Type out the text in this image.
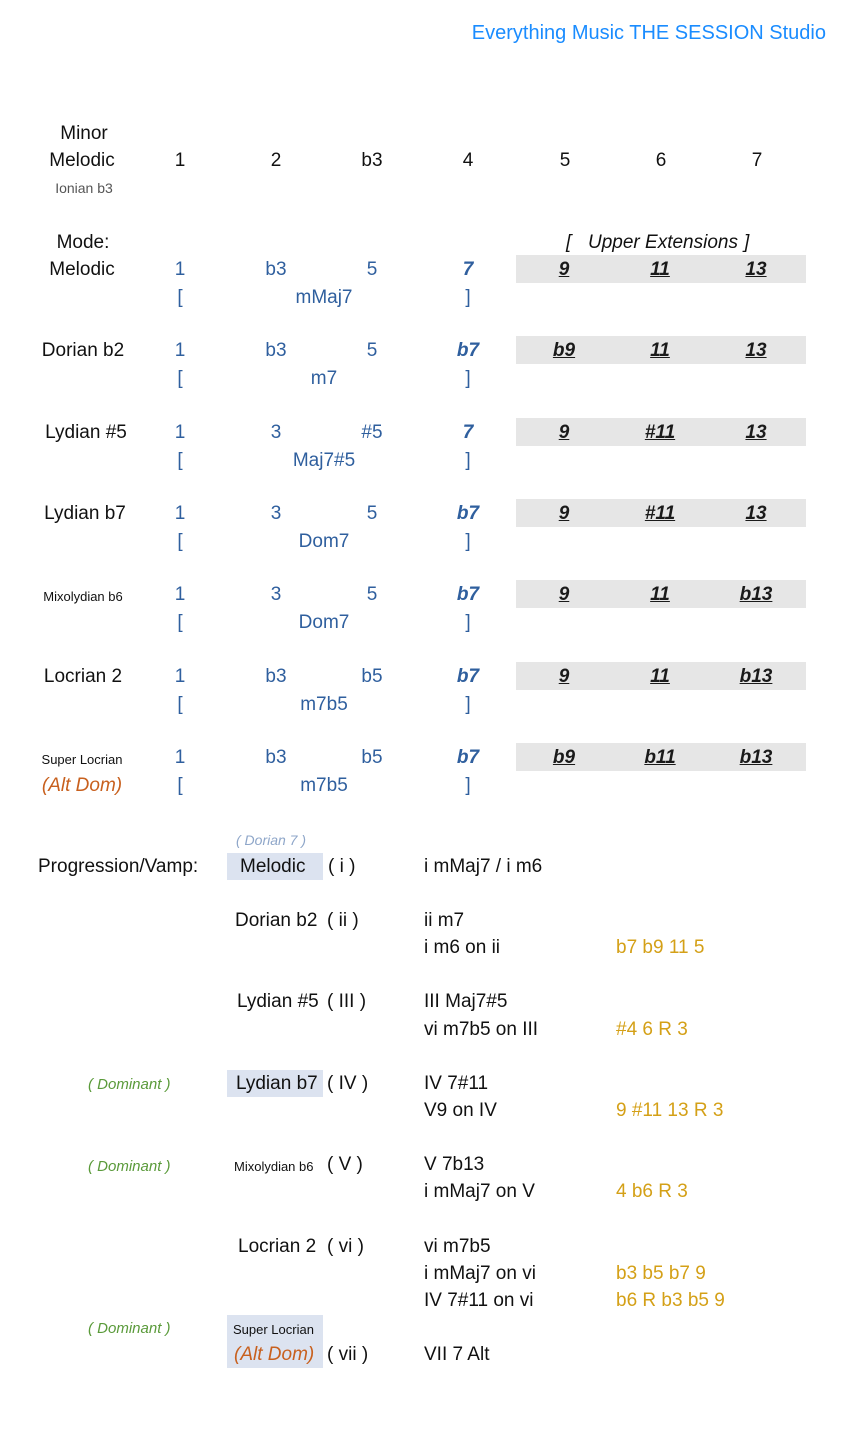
Everything Music THE SESSION Studio
Minor
Melodic
Ionian b3
1	2	b3	4	5	6	7
Mode:	[ Upper Extensions ]
Melodic	1	b3	5	7	9	11	13
[	mMaj7	]
Dorian b2	1	b3	5	b7	b9	11	13
[	m7	]
Lydian #5	1	3	#5	7	9	#11	13
[	Maj7#5	]
Lydian b7	1	3	5	b7	9	#11	13
[	Dom7	]
Mixolydian b6	1	3	5	b7	9	11	b13
[	Dom7	]
Locrian 2	1	b3	b5	b7	9	11	b13
[	m7b5	]
Super Locrian
(Alt Dom)
1	b3	b5	b7	b9	b11	b13
[	m7b5	]
( Dorian 7 )
Progression/Vamp: Melodic ( i )	i mMaj7 / i m6
Dorian b2 ( ii )	ii m7
i m6 on ii	b7 b9 11 5
Lydian #5 ( III )	III Maj7#5
vi m7b5 on III	#4 6 R 3
( Dominant )	Lydian b7 ( IV )	IV 7#11
V9 on IV	9 #11 13 R 3
( Dominant )	Mixolydian b6 ( V )	V 7b13
i mMaj7 on V	4 b6 R 3
Locrian 2 ( vi )	vi m7b5
i mMaj7 on vi	b3 b5 b7 9
IV 7#11 on vi	b6 R b3 b5 9
( Dominant )	Super Locrian
(Alt Dom) ( vii )	VII 7 Alt
